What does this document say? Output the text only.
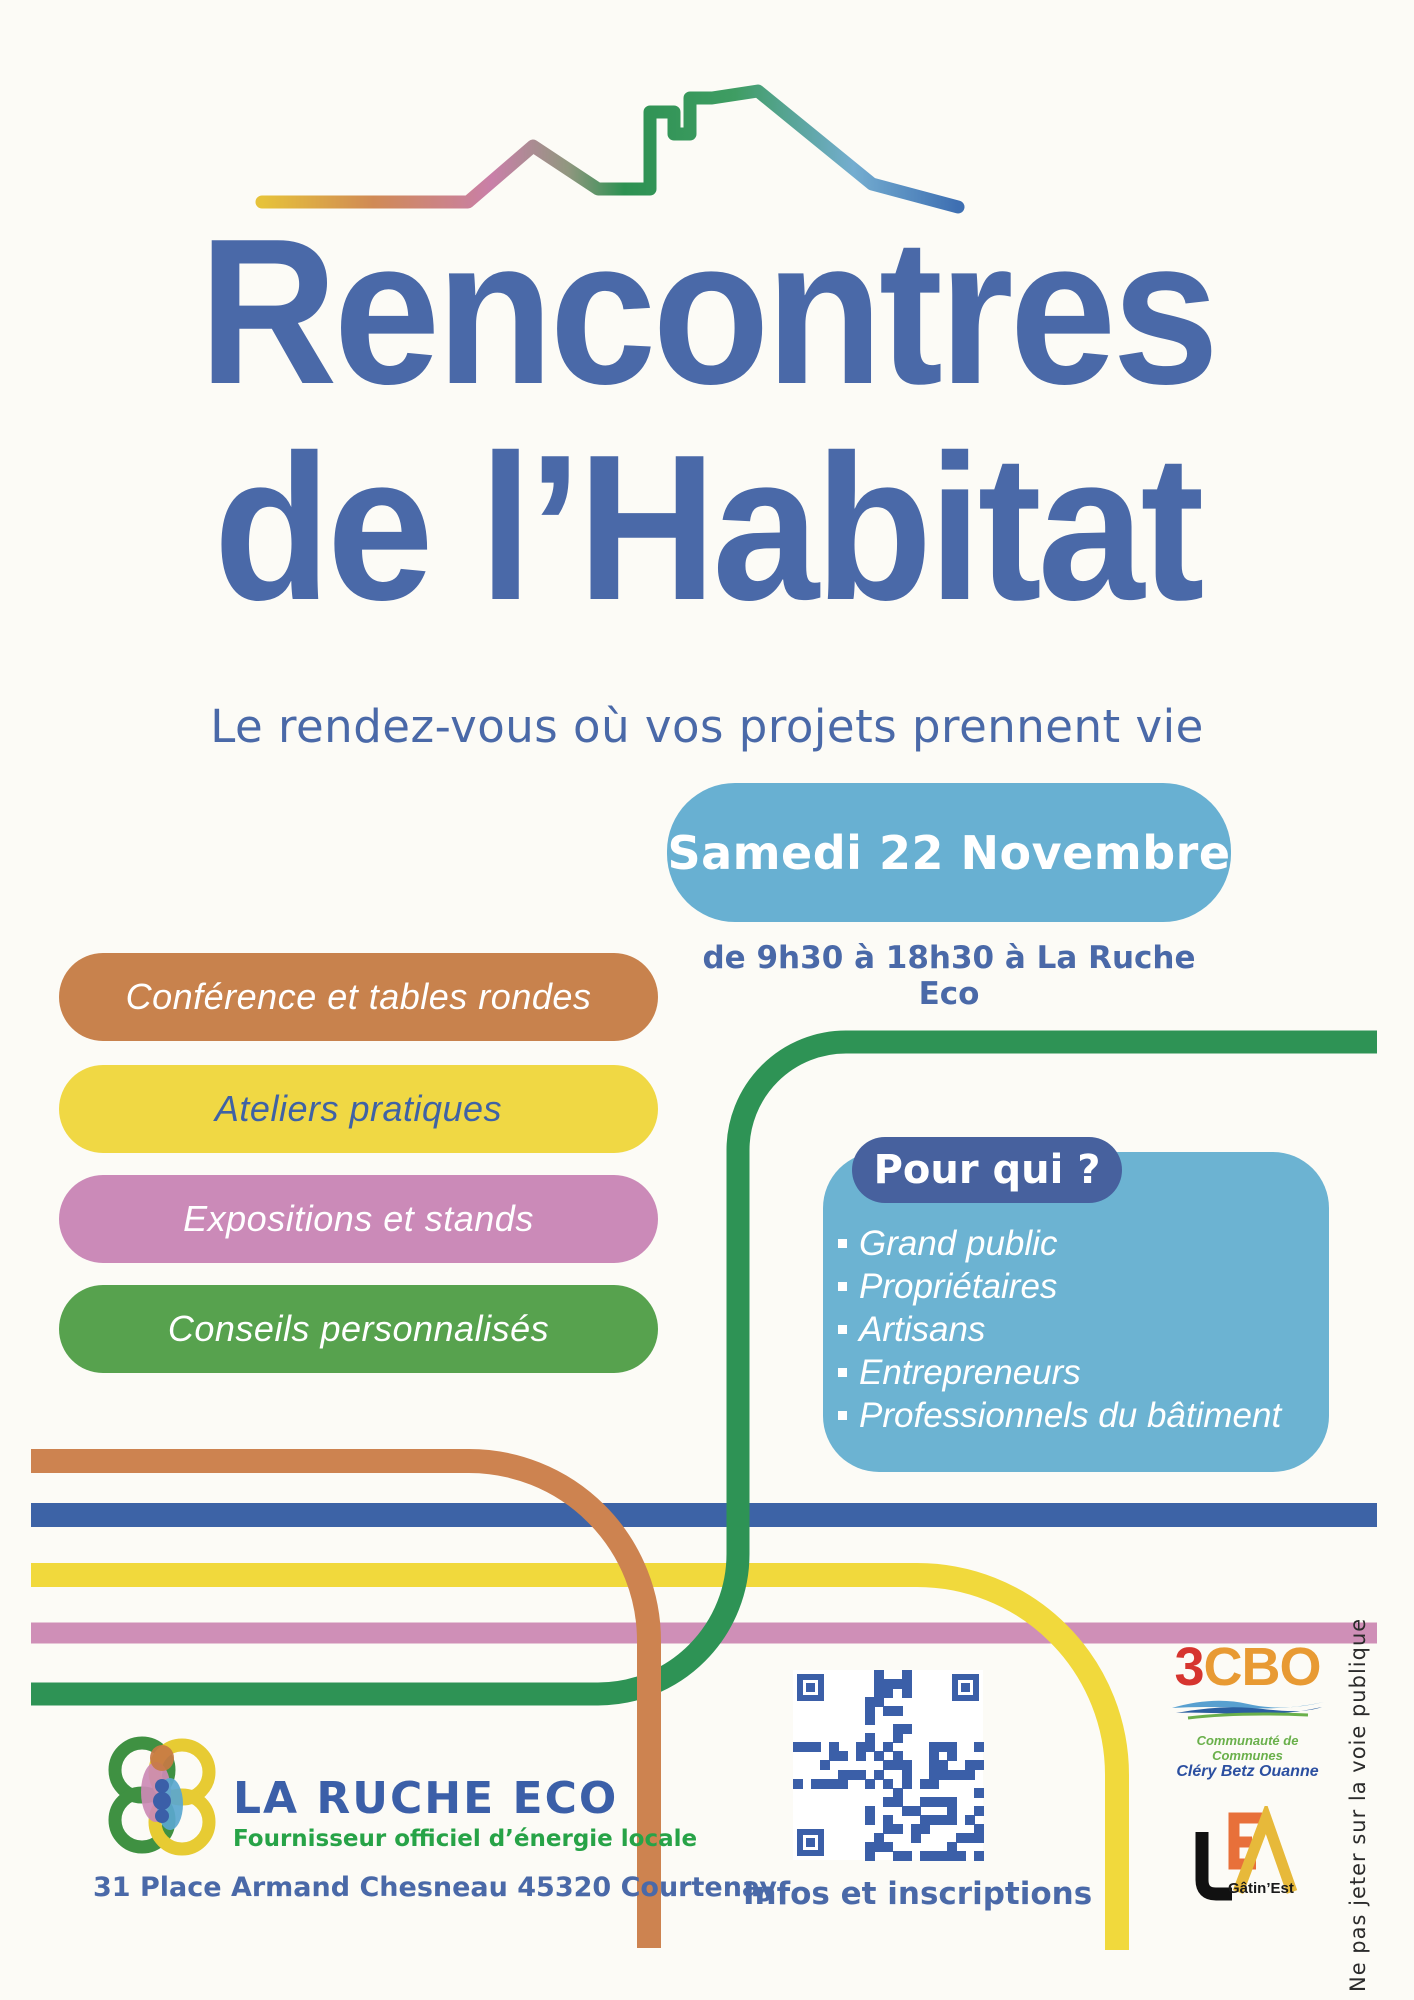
Rencontres
de l’Habitat
Le rendez-vous où vos projets prennent vie
Samedi 22 Novembre
de 9h30 à 18h30 à La Ruche Eco
Conférence et tables rondes
Ateliers pratiques
Expositions et stands
Conseils personnalisés
Pour qui ?
Grand public
Propriétaires
Artisans
Entrepreneurs
Professionnels du bâtiment
LA RUCHE ECO
Fournisseur officiel d’énergie locale
31 Place Armand Chesneau 45320 Courtenay
Infos et inscriptions
3CBO
Communauté de Communes
Cléry Betz Ouanne
Gâtin’Est Ne pas jeter sur la voie publique
